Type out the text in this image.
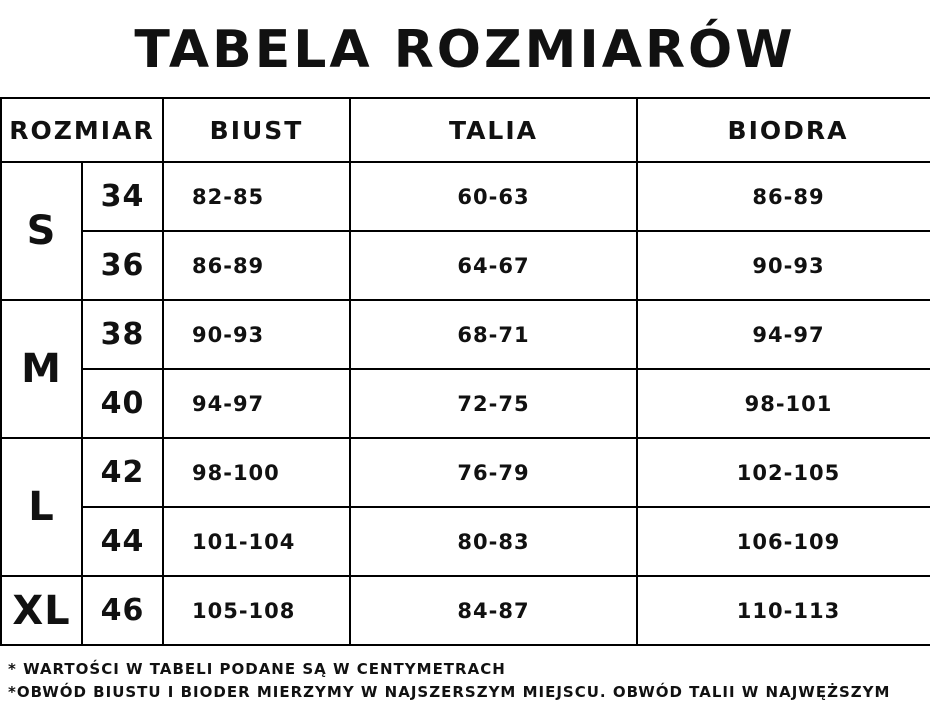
TABELA ROZMIARÓW
ROZMIAR		BIUST	TALIA	BIODRA
S	34	82-85	60-63	86-89
	36	86-89	64-67	90-93
M	38	90-93	68-71	94-97
	40	94-97	72-75	98-101
L	42	98-100	76-79	102-105
	44	101-104	80-83	106-109
XL	46	105-108	84-87	110-113
* WARTOŚCI W TABELI PODANE SĄ W CENTYMETRACH
*OBWÓD BIUSTU I BIODER MIERZYMY W NAJSZERSZYM MIEJSCU. OBWÓD TALII W NAJWĘŻSZYM
